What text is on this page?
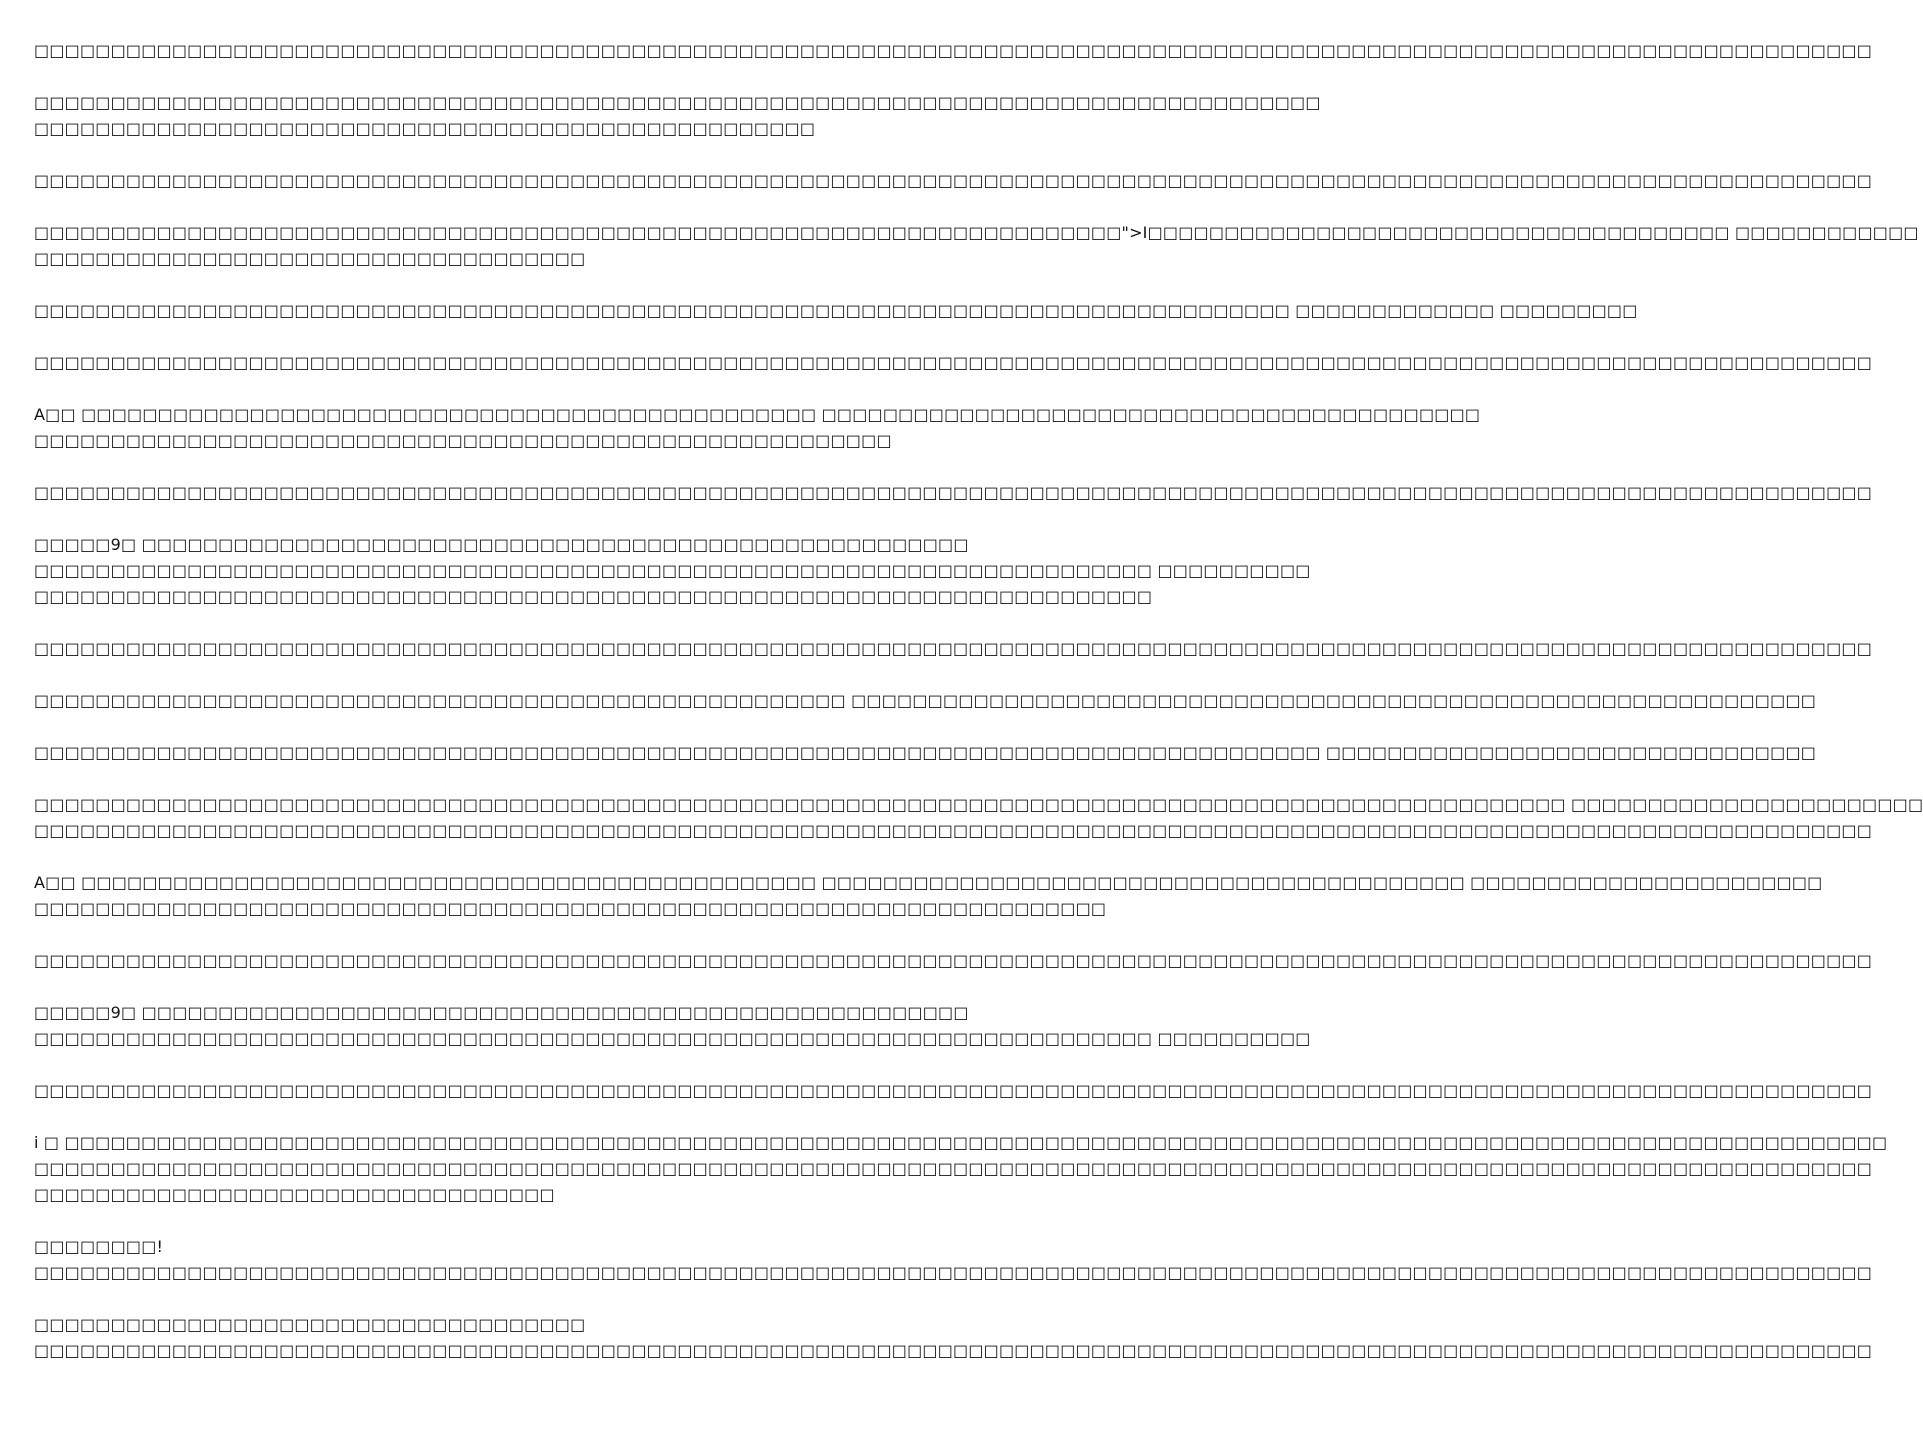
□□□□□□□□□□□□□□□□□□□□□□□□□□□□□□□□□□□□□□□□□□□□□□□□□□□□□□□□□□□□□□□□□□□□□□□□□□□□□□□□□□□□□□□□□□□□□□□□□□□□□□□□□□□□□□□□□□□□□□□□
□□□□□□□□□□□□□□□□□□□□□□□□□□□□□□□□□□□□□□□□□□□□□□□□□□□□□□□□□□□□□□□□□□□□□□□□□□□□□□□□□□□□
□□□□□□□□□□□□□□□□□□□□□□□□□□□□□□□□□□□□□□□□□□□□□□□□□□□
□□□□□□□□□□□□□□□□□□□□□□□□□□□□□□□□□□□□□□□□□□□□□□□□□□□□□□□□□□□□□□□□□□□□□□□□□□□□□□□□□□□□□□□□□□□□□□□□□□□□□□□□□□□□□□□□□□□□□□□□
□□□□□□□□□□□□□□□□□□□□□□□□□□□□□□□□□□□□□□□□□□□□□□□□□□□□□□□□□□□□□□□□□□□□□□□">I□□□□□□□□□□□□□□□□□□□□□□□□□□□□□□□□□□□□□□ □□□□□□□□□□□□
□□□□□□□□□□□□□□□□□□□□□□□□□□□□□□□□□□□□
□□□□□□□□□□□□□□□□□□□□□□□□□□□□□□□□□□□□□□□□□□□□□□□□□□□□□□□□□□□□□□□□□□□□□□□□□□□□□□□□□□ □□□□□□□□□□□□□ □□□□□□□□□
□□□□□□□□□□□□□□□□□□□□□□□□□□□□□□□□□□□□□□□□□□□□□□□□□□□□□□□□□□□□□□□□□□□□□□□□□□□□□□□□□□□□□□□□□□□□□□□□□□□□□□□□□□□□□□□□□□□□□□□□
A□□ □□□□□□□□□□□□□□□□□□□□□□□□□□□□□□□□□□□□□□□□□□□□□□□□ □□□□□□□□□□□□□□□□□□□□□□□□□□□□□□□□□□□□□□□□□□□
□□□□□□□□□□□□□□□□□□□□□□□□□□□□□□□□□□□□□□□□□□□□□□□□□□□□□□□□
□□□□□□□□□□□□□□□□□□□□□□□□□□□□□□□□□□□□□□□□□□□□□□□□□□□□□□□□□□□□□□□□□□□□□□□□□□□□□□□□□□□□□□□□□□□□□□□□□□□□□□□□□□□□□□□□□□□□□□□□
□□□□□9□ □□□□□□□□□□□□□□□□□□□□□□□□□□□□□□□□□□□□□□□□□□□□□□□□□□□□□□
□□□□□□□□□□□□□□□□□□□□□□□□□□□□□□□□□□□□□□□□□□□□□□□□□□□□□□□□□□□□□□□□□□□□□□□□□ □□□□□□□□□□
□□□□□□□□□□□□□□□□□□□□□□□□□□□□□□□□□□□□□□□□□□□□□□□□□□□□□□□□□□□□□□□□□□□□□□□□□
□□□□□□□□□□□□□□□□□□□□□□□□□□□□□□□□□□□□□□□□□□□□□□□□□□□□□□□□□□□□□□□□□□□□□□□□□□□□□□□□□□□□□□□□□□□□□□□□□□□□□□□□□□□□□□□□□□□□□□□□
□□□□□□□□□□□□□□□□□□□□□□□□□□□□□□□□□□□□□□□□□□□□□□□□□□□□□ □□□□□□□□□□□□□□□□□□□□□□□□□□□□□□□□□□□□□□□□□□□□□□□□□□□□□□□□□□□□□□□
□□□□□□□□□□□□□□□□□□□□□□□□□□□□□□□□□□□□□□□□□□□□□□□□□□□□□□□□□□□□□□□□□□□□□□□□□□□□□□□□□□□□ □□□□□□□□□□□□□□□□□□□□□□□□□□□□□□□□
□□□□□□□□□□□□□□□□□□□□□□□□□□□□□□□□□□□□□□□□□□□□□□□□□□□□□□□□□□□□□□□□□□□□□□□□□□□□□□□□□□□□□□□□□□□□□□□□□□□□ □□□□□□□□□□□□□□□□□□□□□□□
□□□□□□□□□□□□□□□□□□□□□□□□□□□□□□□□□□□□□□□□□□□□□□□□□□□□□□□□□□□□□□□□□□□□□□□□□□□□□□□□□□□□□□□□□□□□□□□□□□□□□□□□□□□□□□□□□□□□□□□□
A□□ □□□□□□□□□□□□□□□□□□□□□□□□□□□□□□□□□□□□□□□□□□□□□□□□ □□□□□□□□□□□□□□□□□□□□□□□□□□□□□□□□□□□□□□□□□□ □□□□□□□□□□□□□□□□□□□□□□□
□□□□□□□□□□□□□□□□□□□□□□□□□□□□□□□□□□□□□□□□□□□□□□□□□□□□□□□□□□□□□□□□□□□□□□
□□□□□□□□□□□□□□□□□□□□□□□□□□□□□□□□□□□□□□□□□□□□□□□□□□□□□□□□□□□□□□□□□□□□□□□□□□□□□□□□□□□□□□□□□□□□□□□□□□□□□□□□□□□□□□□□□□□□□□□□
□□□□□9□ □□□□□□□□□□□□□□□□□□□□□□□□□□□□□□□□□□□□□□□□□□□□□□□□□□□□□□
□□□□□□□□□□□□□□□□□□□□□□□□□□□□□□□□□□□□□□□□□□□□□□□□□□□□□□□□□□□□□□□□□□□□□□□□□ □□□□□□□□□□
□□□□□□□□□□□□□□□□□□□□□□□□□□□□□□□□□□□□□□□□□□□□□□□□□□□□□□□□□□□□□□□□□□□□□□□□□□□□□□□□□□□□□□□□□□□□□□□□□□□□□□□□□□□□□□□□□□□□□□□□
i □ □□□□□□□□□□□□□□□□□□□□□□□□□□□□□□□□□□□□□□□□□□□□□□□□□□□□□□□□□□□□□□□□□□□□□□□□□□□□□□□□□□□□□□□□□□□□□□□□□□□□□□□□□□□□□□□□□□□□□□□
□□□□□□□□□□□□□□□□□□□□□□□□□□□□□□□□□□□□□□□□□□□□□□□□□□□□□□□□□□□□□□□□□□□□□□□□□□□□□□□□□□□□□□□□□□□□□□□□□□□□□□□□□□□□□□□□□□□□□□□□
□□□□□□□□□□□□□□□□□□□□□□□□□□□□□□□□□□
□□□□□□□□!
□□□□□□□□□□□□□□□□□□□□□□□□□□□□□□□□□□□□□□□□□□□□□□□□□□□□□□□□□□□□□□□□□□□□□□□□□□□□□□□□□□□□□□□□□□□□□□□□□□□□□□□□□□□□□□□□□□□□□□□□
□□□□□□□□□□□□□□□□□□□□□□□□□□□□□□□□□□□□
□□□□□□□□□□□□□□□□□□□□□□□□□□□□□□□□□□□□□□□□□□□□□□□□□□□□□□□□□□□□□□□□□□□□□□□□□□□□□□□□□□□□□□□□□□□□□□□□□□□□□□□□□□□□□□□□□□□□□□□□
